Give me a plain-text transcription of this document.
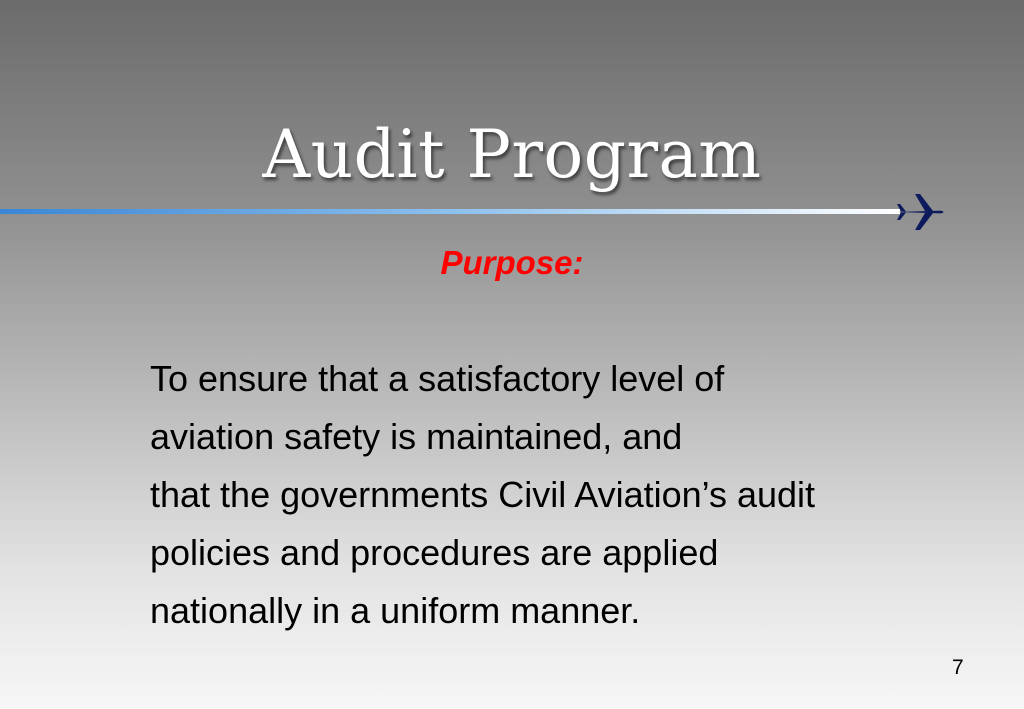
Audit Program
Purpose:
To ensure that a satisfactory level of
aviation safety is maintained, and
that the governments Civil Aviation’s audit
policies and procedures are applied
nationally in a uniform manner.
7
